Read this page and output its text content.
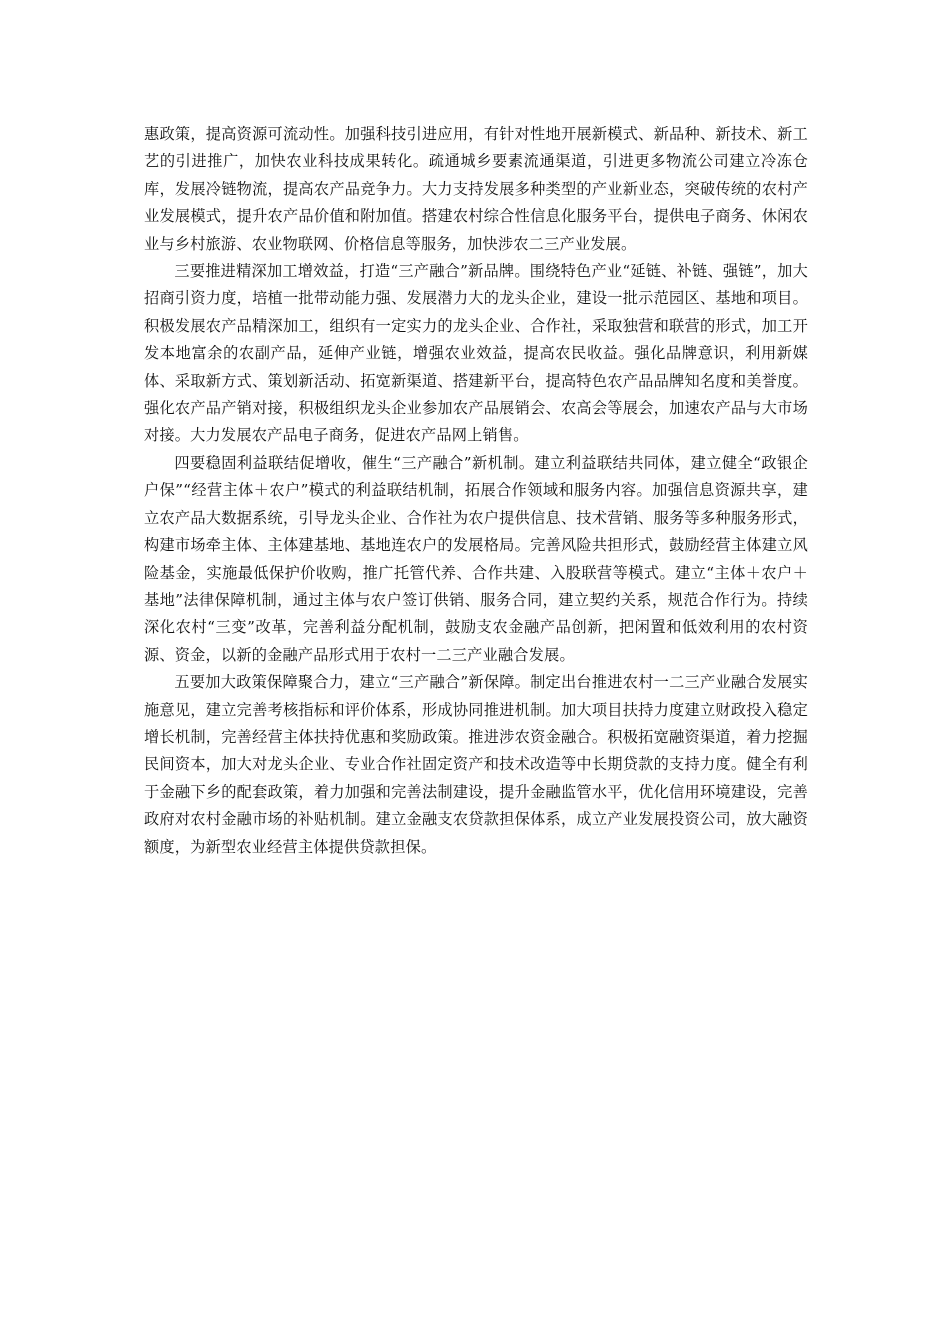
惠政策，提高资源可流动性。加强科技引进应用，有针对性地开展新模式、新品种、新技术、新工艺的引进推广，加快农业科技成果转化。疏通城乡要素流通渠道，引进更多物流公司建立冷冻仓库，发展冷链物流，提高农产品竞争力。大力支持发展多种类型的产业新业态，突破传统的农村产业发展模式，提升农产品价值和附加值。搭建农村综合性信息化服务平台，提供电子商务、休闲农业与乡村旅游、农业物联网、价格信息等服务，加快涉农二三产业发展。

三要推进精深加工增效益，打造“三产融合”新品牌。围绕特色产业“延链、补链、强链”，加大招商引资力度，培植一批带动能力强、发展潜力大的龙头企业，建设一批示范园区、基地和项目。积极发展农产品精深加工，组织有一定实力的龙头企业、合作社，采取独营和联营的形式，加工开发本地富余的农副产品，延伸产业链，增强农业效益，提高农民收益。强化品牌意识，利用新媒体、采取新方式、策划新活动、拓宽新渠道、搭建新平台，提高特色农产品品牌知名度和美誉度。强化农产品产销对接，积极组织龙头企业参加农产品展销会、农高会等展会，加速农产品与大市场对接。大力发展农产品电子商务，促进农产品网上销售。

四要稳固利益联结促增收，催生“三产融合”新机制。建立利益联结共同体，建立健全“政银企户保”“经营主体＋农户”模式的利益联结机制，拓展合作领域和服务内容。加强信息资源共享，建立农产品大数据系统，引导龙头企业、合作社为农户提供信息、技术营销、服务等多种服务形式，构建市场牵主体、主体建基地、基地连农户的发展格局。完善风险共担形式，鼓励经营主体建立风险基金，实施最低保护价收购，推广托管代养、合作共建、入股联营等模式。建立“主体＋农户＋基地”法律保障机制，通过主体与农户签订供销、服务合同，建立契约关系，规范合作行为。持续深化农村“三变”改革，完善利益分配机制，鼓励支农金融产品创新，把闲置和低效利用的农村资源、资金，以新的金融产品形式用于农村一二三产业融合发展。

五要加大政策保障聚合力，建立“三产融合”新保障。制定出台推进农村一二三产业融合发展实施意见，建立完善考核指标和评价体系，形成协同推进机制。加大项目扶持力度建立财政投入稳定增长机制，完善经营主体扶持优惠和奖励政策。推进涉农资金融合。积极拓宽融资渠道，着力挖掘民间资本，加大对龙头企业、专业合作社固定资产和技术改造等中长期贷款的支持力度。健全有利于金融下乡的配套政策，着力加强和完善法制建设，提升金融监管水平，优化信用环境建设，完善政府对农村金融市场的补贴机制。建立金融支农贷款担保体系，成立产业发展投资公司，放大融资额度，为新型农业经营主体提供贷款担保。
